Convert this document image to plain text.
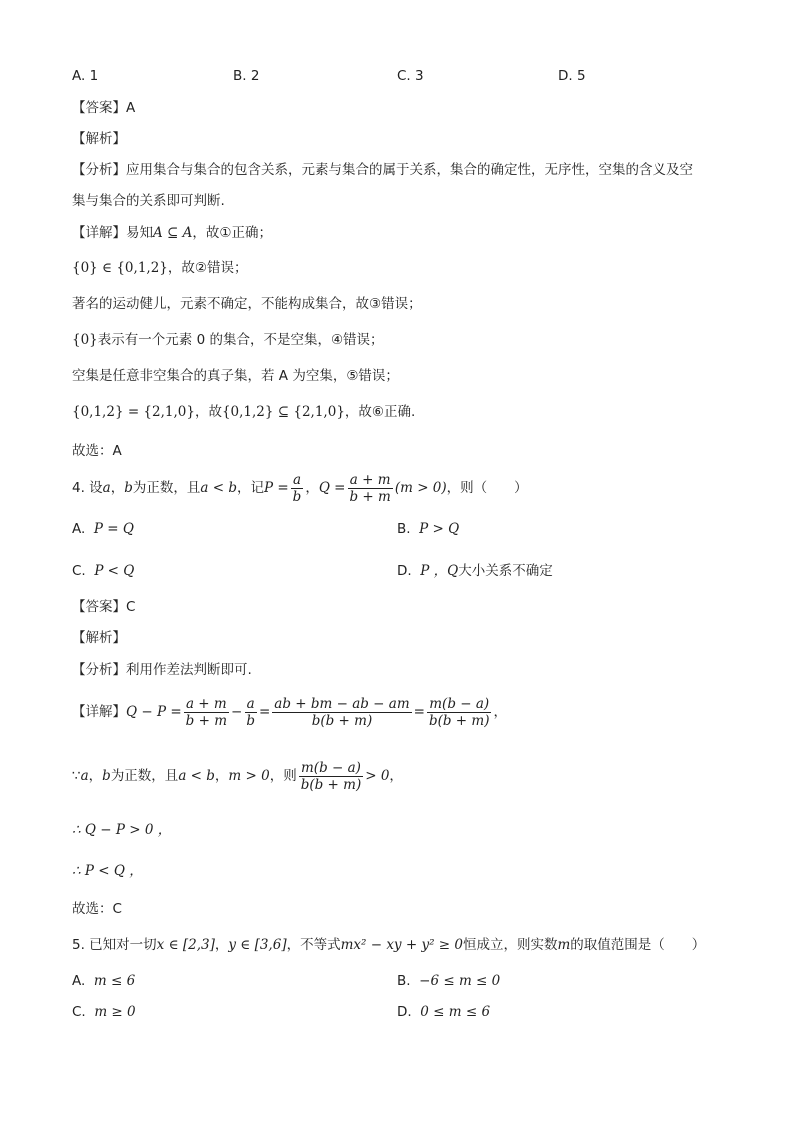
A. 1	B. 2	C. 3	D. 5
【答案】A
【解析】
【分析】应用集合与集合的包含关系，元素与集合的属于关系，集合的确定性，无序性，空集的含义及空
集与集合的关系即可判断.
【详解】易知A ⊆ A，故①正确；
{0} ∈ {0,1,2}，故②错误；
著名的运动健儿，元素不确定，不能构成集合，故③错误；
{0}表示有一个元素 0 的集合，不是空集，④错误；
空集是任意非空集合的真子集，若 A 为空集，⑤错误；
{0,1,2} = {2,1,0}，故{0,1,2} ⊆ {2,1,0}，故⑥正确.
故选：A
4. 设a，b为正数，且a < b，记$P = \frac{a}{b}$ ，$Q = \frac{a + m}{b + m} (m > 0)$，则（　　）
A. P = Q	B. P > Q
C. P < Q	D. P ，Q大小关系不确定
【答案】C
【解析】
【分析】利用作差法判断即可.
【详解】$Q - P = \frac{a + m}{b + m} - \frac{a}{b} = \frac{ab + bm - ab - am}{b(b + m)} = \frac{m(b - a)}{b(b + m)}$ ，
∵a，b为正数，且a < b，m > 0，则 $\frac{m(b - a)}{b(b + m)} > 0$，
∴ Q − P > 0 ，
∴ P < Q ，
故选：C
5. 已知对一切x ∈ [2,3]，y ∈ [3,6]，不等式mx² − xy + y² ≥ 0恒成立，则实数m的取值范围是（　　）
A. m ≤ 6	B. −6 ≤ m ≤ 0
C. m ≥ 0	D. 0 ≤ m ≤ 6
